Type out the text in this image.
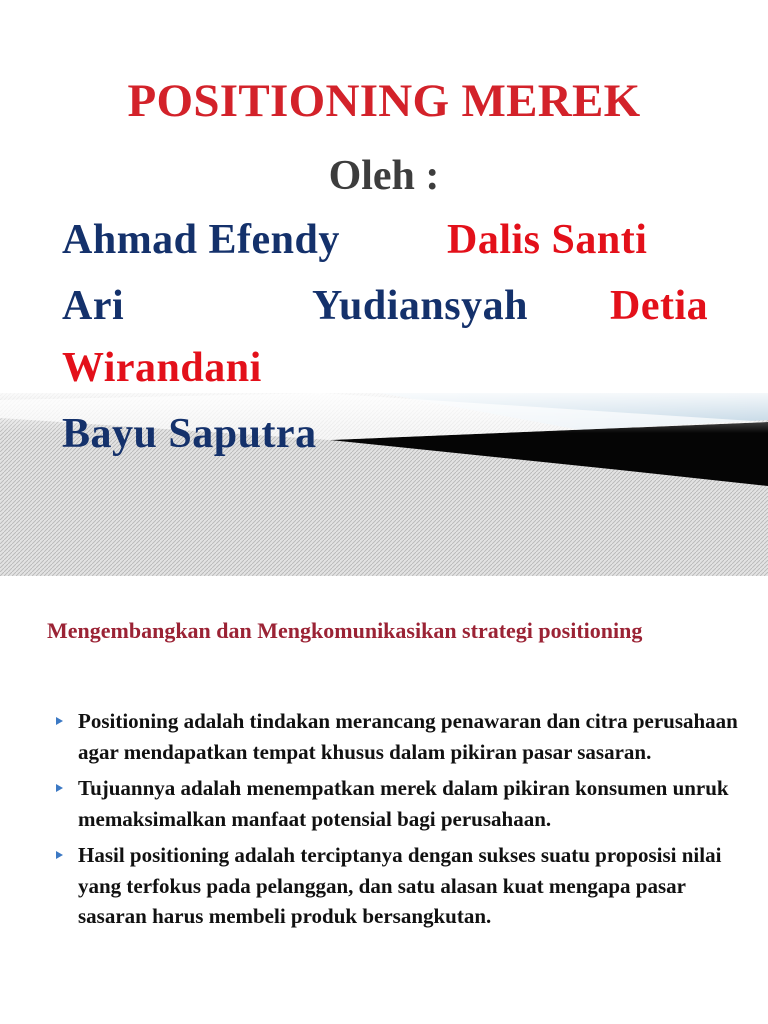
POSITIONING MEREK
Oleh :
Ahmad Efendy	Dalis Santi
Ari	Yudiansyah Detia
Wirandani
Bayu Saputra
Mengembangkan dan Mengkomunikasikan strategi positioning
Positioning adalah tindakan merancang penawaran dan citra perusahaan agar mendapatkan tempat khusus dalam pikiran pasar sasaran.
Tujuannya adalah menempatkan merek dalam pikiran konsumen unruk memaksimalkan manfaat potensial bagi perusahaan.
Hasil positioning adalah terciptanya dengan sukses suatu proposisi nilai yang terfokus pada pelanggan, dan satu alasan kuat mengapa pasar sasaran harus membeli produk bersangkutan.
